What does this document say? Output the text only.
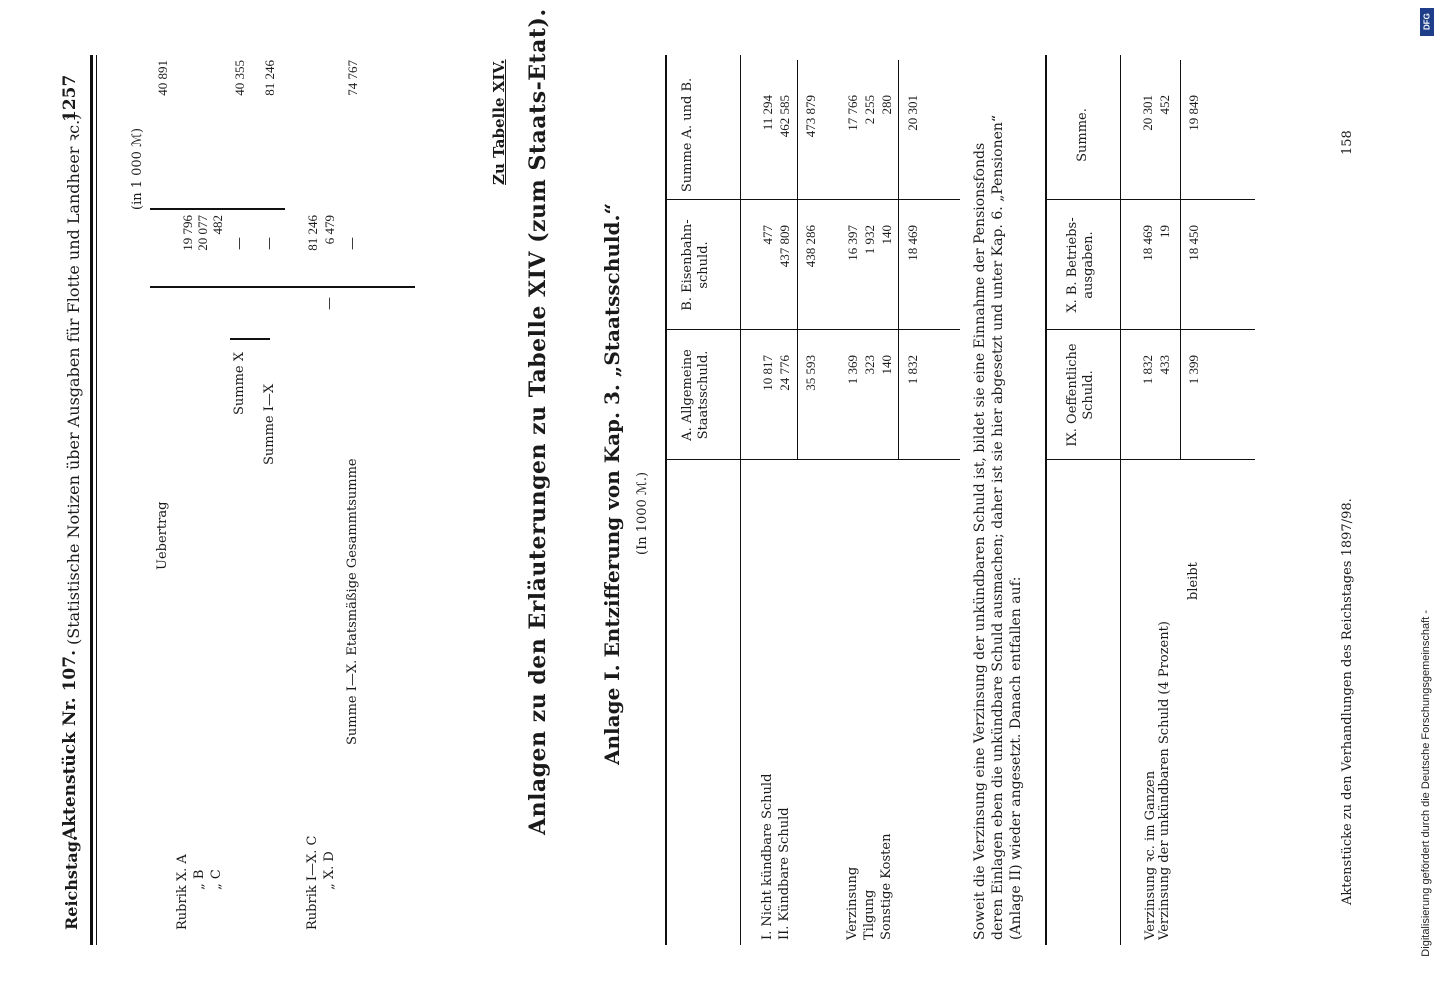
Reichstag.
Aktenstück Nr. 107.
(Statistische Notizen über Ausgaben für Flotte und Landheer ꝛc.)
1257
(in 1 000 ℳ)
Uebertrag
40 891
Rubrik X. A
19 796
„ B
20 077
„ C
482
Summe X
—
40 355
Summe I—X
—
81 246
Rubrik I—X. C
81 246
„ X. D
6 479
—
Summe I—X. Etatsmäßige Gesammtsumme
—
74 767	Zu Tabelle XIV. Anlagen zu den Erläuterungen zu Tabelle XIV (zum Staats-Etat). Anlage I. Entzifferung von Kap. 3. „Staatsschuld.“ (In 1000 ℳ.)
A. Allgemeine Staatsschuld.
B. Eisenbahn-schuld.
Summe A. und B.
I. Nicht kündbare Schuld
10 817
477
11 294
II. Kündbare Schuld
24 776
437 809
462 585
35 593
438 286
473 879
Verzinsung
1 369
16 397
17 766
Tilgung
323
1 932
2 255
Sonstige Kosten
140
140
280
1 832
18 469
20 301
Soweit die Verzinsung eine Verzinsung der unkündbaren Schuld ist, bildet sie eine Einnahme der Pensionsfonds deren Einlagen eben die unkündbare Schuld ausmachen; daher ist sie hier abgesetzt und unter Kap. 6. „Pensionen“ (Anlage II) wieder angesetzt. Danach entfallen auf:
IX. Oeffentliche Schuld.
X. B. Betriebs-ausgaben.
Summe.
Verzinsung ꝛc. im Ganzen
1 832
18 469
20 301
Verzinsung der unkündbaren Schuld (4 Prozent)
433
19
452
bleibt
1 399
18 450
19 849
Aktenstücke zu den Verhandlungen des Reichstages 1897/98.
158
Digitalisierung gefördert durch die Deutsche Forschungsgemeinschaft -
DFG
